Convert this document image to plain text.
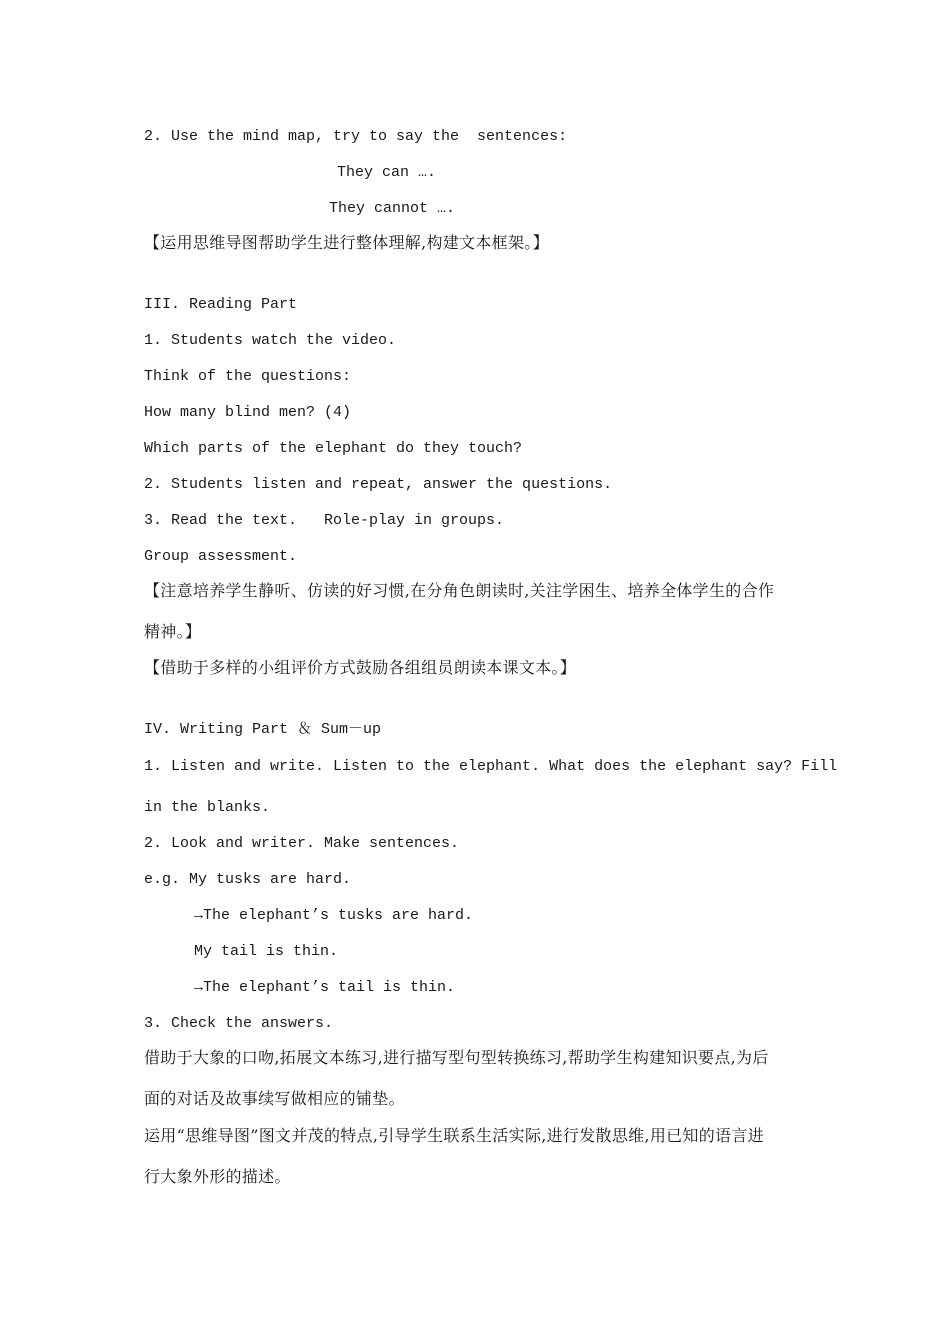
2. Use the mind map, try to say the  sentences:
They can ….
They cannot ….
【运用思维导图帮助学生进行整体理解,构建文本框架。】
III. Reading Part
1. Students watch the video.
Think of the questions:
How many blind men? (4)
Which parts of the elephant do they touch?
2. Students listen and repeat, answer the questions.
3. Read the text.   Role-play in groups.
Group assessment.
【注意培养学生静听、仿读的好习惯,在分角色朗读时,关注学困生、培养全体学生的合作
精神。】
【借助于多样的小组评价方式鼓励各组组员朗读本课文本。】
IV. Writing Part ＆ Sum－up
1. Listen and write. Listen to the elephant. What does the elephant say? Fill
in the blanks.
2. Look and writer. Make sentences.
e.g. My tusks are hard.
→The elephant’s tusks are hard.
My tail is thin.
→The elephant’s tail is thin.
3. Check the answers.
借助于大象的口吻,拓展文本练习,进行描写型句型转换练习,帮助学生构建知识要点,为后
面的对话及故事续写做相应的铺垫。
运用“思维导图”图文并茂的特点,引导学生联系生活实际,进行发散思维,用已知的语言进
行大象外形的描述。
